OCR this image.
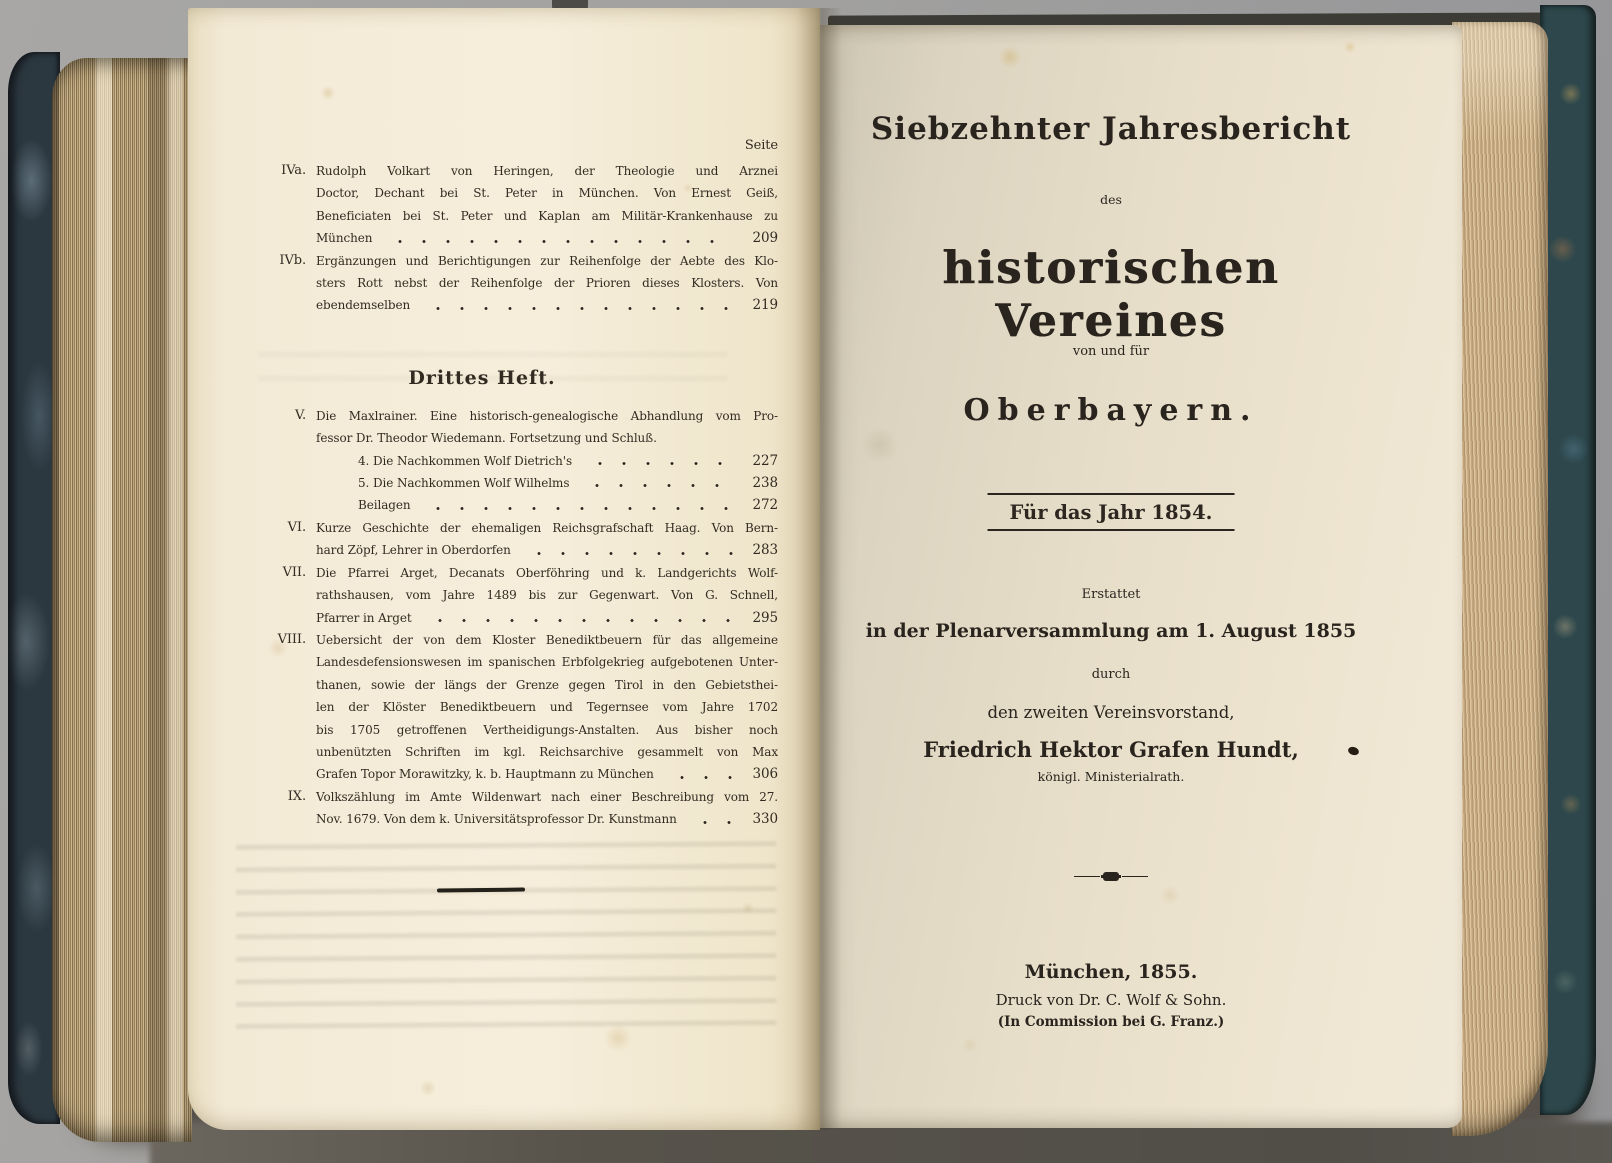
Seite
IVa. Rudolph Volkart von Heringen, der Theologie und Arznei
Doctor, Dechant bei St. Peter in München. Von Ernest Geiß,
Beneficiaten bei St. Peter und Kaplan am Militär-Krankenhause zu
München	209
IVb. Ergänzungen und Berichtigungen zur Reihenfolge der Aebte des Klo-
sters Rott nebst der Reihenfolge der Prioren dieses Klosters. Von
ebendemselben	219
Drittes Heft.
V. Die Maxlrainer. Eine historisch-genealogische Abhandlung vom Pro-
fessor Dr. Theodor Wiedemann. Fortsetzung und Schluß.
4. Die Nachkommen Wolf Dietrich's	227
5. Die Nachkommen Wolf Wilhelms	238
Beilagen	272
VI. Kurze Geschichte der ehemaligen Reichsgrafschaft Haag. Von Bern-
hard Zöpf, Lehrer in Oberdorfen	283
VII. Die Pfarrei Arget, Decanats Oberföhring und k. Landgerichts Wolf-
rathshausen, vom Jahre 1489 bis zur Gegenwart. Von G. Schnell,
Pfarrer in Arget	295
VIII. Uebersicht der von dem Kloster Benediktbeuern für das allgemeine
Landesdefensionswesen im spanischen Erbfolgekrieg aufgebotenen Unter-
thanen, sowie der längs der Grenze gegen Tirol in den Gebietsthei-
len der Klöster Benediktbeuern und Tegernsee vom Jahre 1702
bis 1705 getroffenen Vertheidigungs-Anstalten. Aus bisher noch
unbenützten Schriften im kgl. Reichsarchive gesammelt von Max
Grafen Topor Morawitzky, k. b. Hauptmann zu München	306
IX. Volkszählung im Amte Wildenwart nach einer Beschreibung vom 27.
Nov. 1679. Von dem k. Universitätsprofessor Dr. Kunstmann	330
Siebzehnter Jahresbericht
des
historischen Vereines
von und für
Oberbayern.
Für das Jahr 1854.
Erstattet
in der Plenarversammlung am 1. August 1855
durch
den zweiten Vereinsvorstand,
Friedrich Hektor Grafen Hundt,
königl. Ministerialrath.
München, 1855.
Druck von Dr. C. Wolf & Sohn.
(In Commission bei G. Franz.)
